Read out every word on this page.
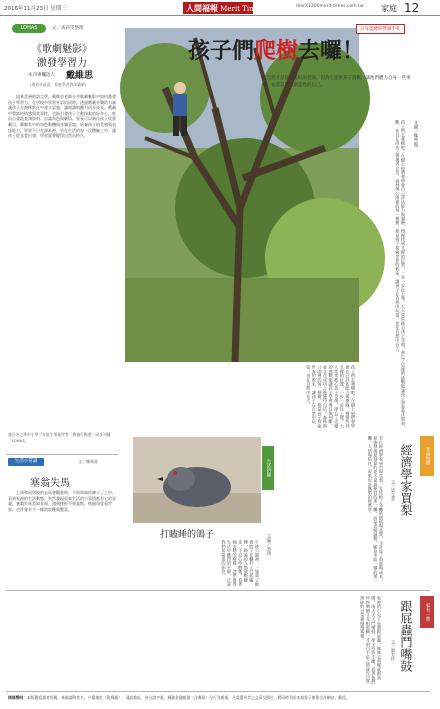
2016年11月23日 星期三	人間福報 Merit Times	merit1200merit-times.com.tw 家庭 12
LOHAS	文／黃莉雯整理
《歌劇魅影》
激發學習力
本刊專欄語人 戴維思
(地道社區達、家庭學習資深講師)
紐來美洲的語言學，戴維思老師分享歌劇魅影中如何激發孩子學習力。在學校中學習外語的同時，透過戲劇音樂的力量讓孩子在潛移默化中建立語感，讓閱讀與聽力同步成長。戲劇中豐富的情感與故事性，也能引發孩子主動探索的好奇心，進而自發地查詢資料、討論角色與劇情。家長可以陪伴孩子欣賞劇目，聊聊其中的角色動機與音樂意境，培養孩子的美感與表達能力。學習不只在課本裡，更在生活的每一次體驗之中，讓孩子從喜愛出發，學習就會變得自然而持久。
發冷冬之季中小學三年級生專業學者「教養行動書」同步刊播「LOHAS」
生活小常識	文／陳瑞嘉
塞翁失馬
上周和同學校的去馬會觀賞時，不料車禍你陣子了之中，看到家裡的生活動態，突然發現原來生活的小事情都有它的意義，塞翁失馬焉知非福，遇到挫折不要氣餒，換個角度看世界，也許會有不一樣的收穫與驚喜。
日耳曼總經營國手札
孩子們爬樹去囉！
大自然才是孩子最好的老師，因為它提供孩子挑戰，讓他們體力自身一些事件，並還其更具創造性的自己。
文圖／鄭彗甄
孩子們去爬樹吧！在樹上他們會學會自己評估能力與風險，慢慢找到支撐的位置，一步一步往上爬。大人常常擔心孩子受傷，卻忘了這樣的挑戰能讓孩子學會專注與判斷，並且在成功之後獲得自信。森林與公園裡的每一棵樹，都是孩子探索世界的教室，讓孩子在自然中玩耍，也在自然中長大。
孩子們去爬樹吧！在樹上他們會學會自己評估能力與風險，慢慢找到支撐的位置，一步一步往上爬。大人常常擔心孩子受傷，卻忘了這樣的挑戰能讓孩子學會專注與判斷，並且在成功之後獲得自信。森林與公園裡的每一棵樹，都是孩子探索世界的教室，讓孩子在自然中玩耍，也在自然中長大。
生活拾趣
打瞌睡的鴿子	文圖／蔡琦
午後公園裡，一隻鴿子縮著脖子在欄杆上打起瞌睡，路過的人都放輕腳步，不忍心吵醒牠。看著牠安穩的模樣，忽然覺得生活中難得的平靜，正是我們最需要的休息。
幸福無價
經濟學家買梨
文／梁文美
有位經濟學家到市場買梨，先比較了各攤的價格與品質，又計算了重量與成本，最後發現最划算的並不是最便宜的那一攤，而是老闆誠懇、願意多給一顆的那一攤。人情與信任，原來也是無價的經濟學。
家有一寶
跟屁蟲鬥嘴鼓
文／劉芳伶
家裡的小兒子是個跟屁蟲，姊姊走到哪就跟到哪，兩人天天鬥嘴鼓，卻又形影不離。看著他們吵吵鬧鬧又互相照顧，才明白手足之情就在這些瑣碎的日常裡慢慢累積。
開福聲明：本版歡迎讀者投稿，來稿請附姓名、戶籍地址（附郵遞）、通訊地址、身分證字號、郵遞金融帳號（含郵局）分行及帳號，凡需選刊者之文章及照片，將同時刊於本報電子報與合作網站，歡迎。
